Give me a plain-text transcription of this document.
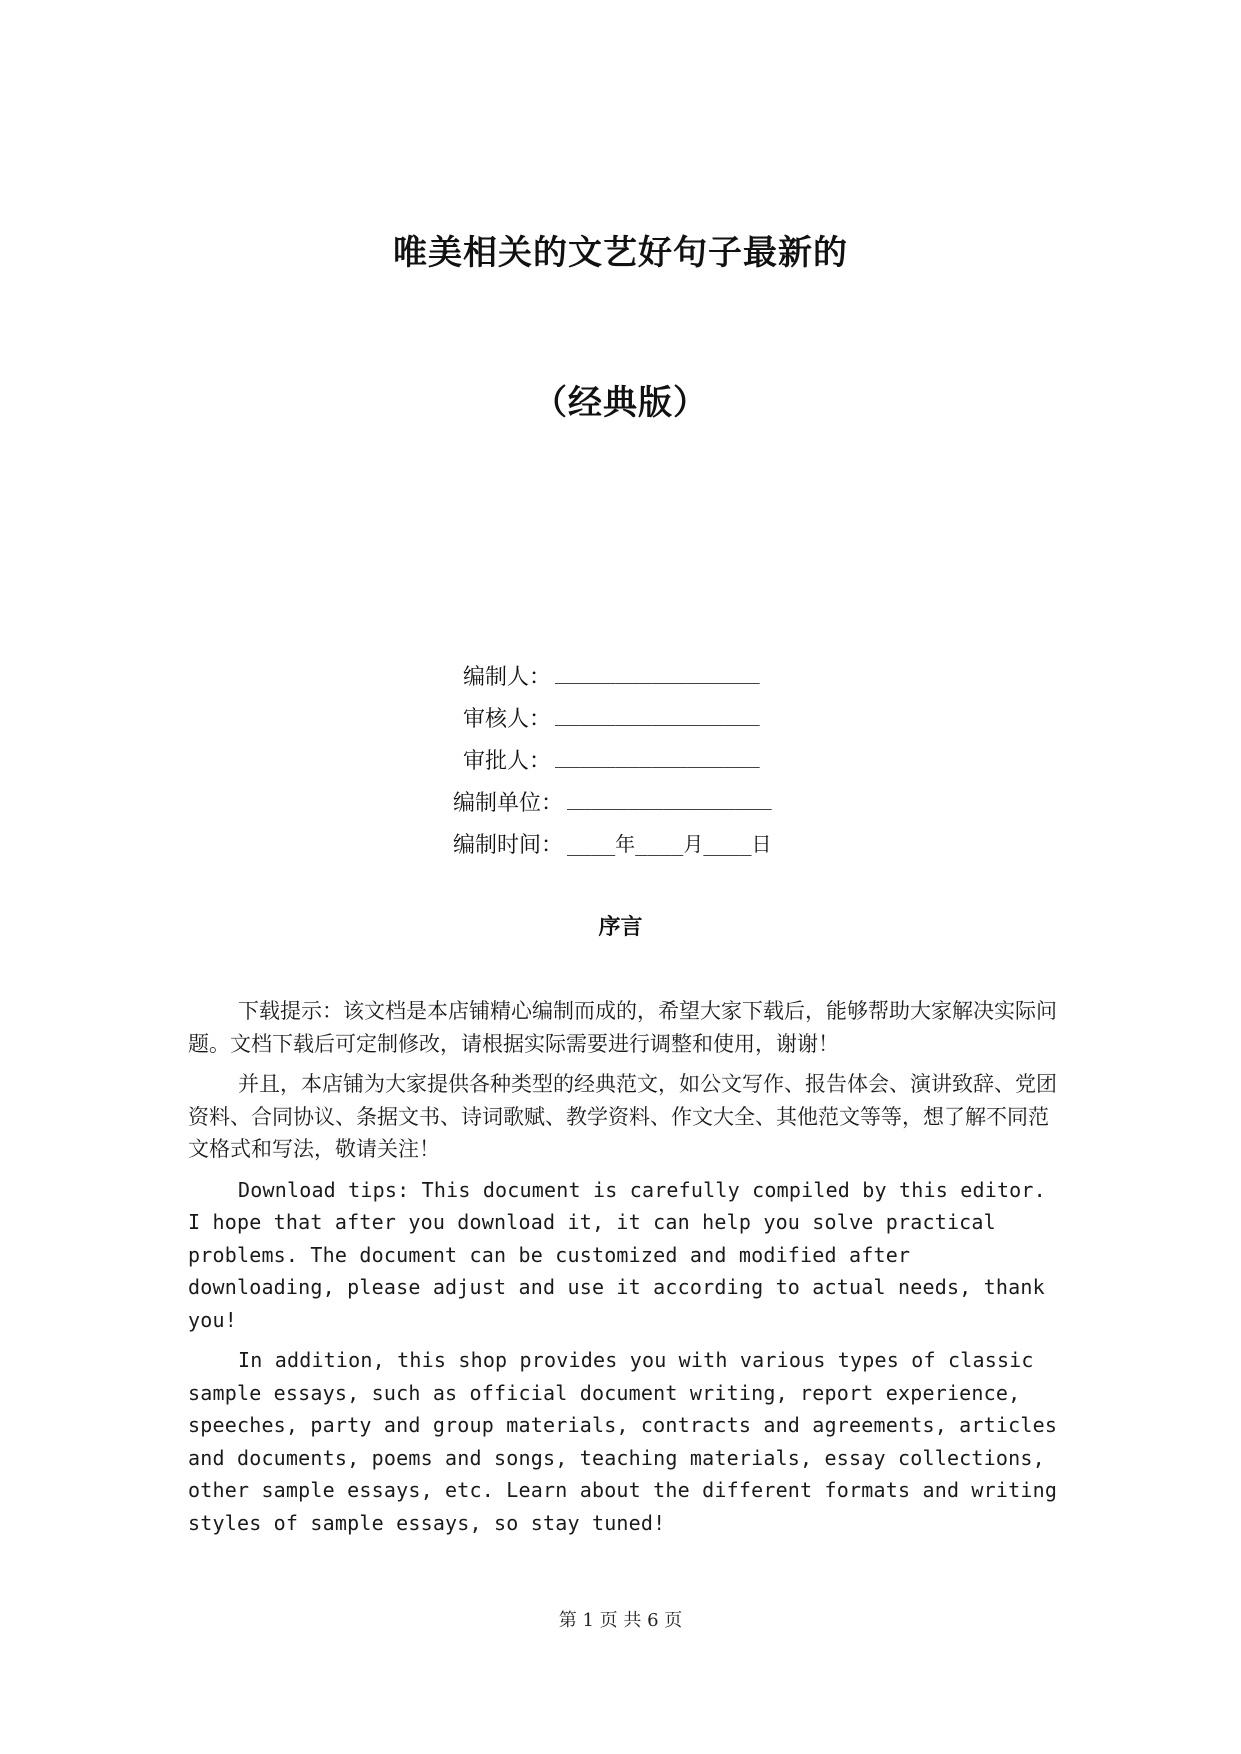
唯美相关的文艺好句子最新的
（经典版）
编制人： _________________
审核人： _________________
审批人： _________________
编制单位： _________________
编制时间： ____年____月____日
序言

下载提示：该文档是本店铺精心编制而成的，希望大家下载后，能够帮助大家解决实际问题。文档下载后可定制修改，请根据实际需要进行调整和使用，谢谢！

并且，本店铺为大家提供各种类型的经典范文，如公文写作、报告体会、演讲致辞、党团资料、合同协议、条据文书、诗词歌赋、教学资料、作文大全、其他范文等等，想了解不同范文格式和写法，敬请关注！

Download tips: This document is carefully compiled by this editor. I hope that after you download it, it can help you solve practical problems. The document can be customized and modified after downloading, please adjust and use it according to actual needs, thank you!

In addition, this shop provides you with various types of classic sample essays, such as official document writing, report experience, speeches, party and group materials, contracts and agreements, articles and documents, poems and songs, teaching materials, essay collections, other sample essays, etc. Learn about the different formats and writing styles of sample essays, so stay tuned!

第 1 页 共 6 页
